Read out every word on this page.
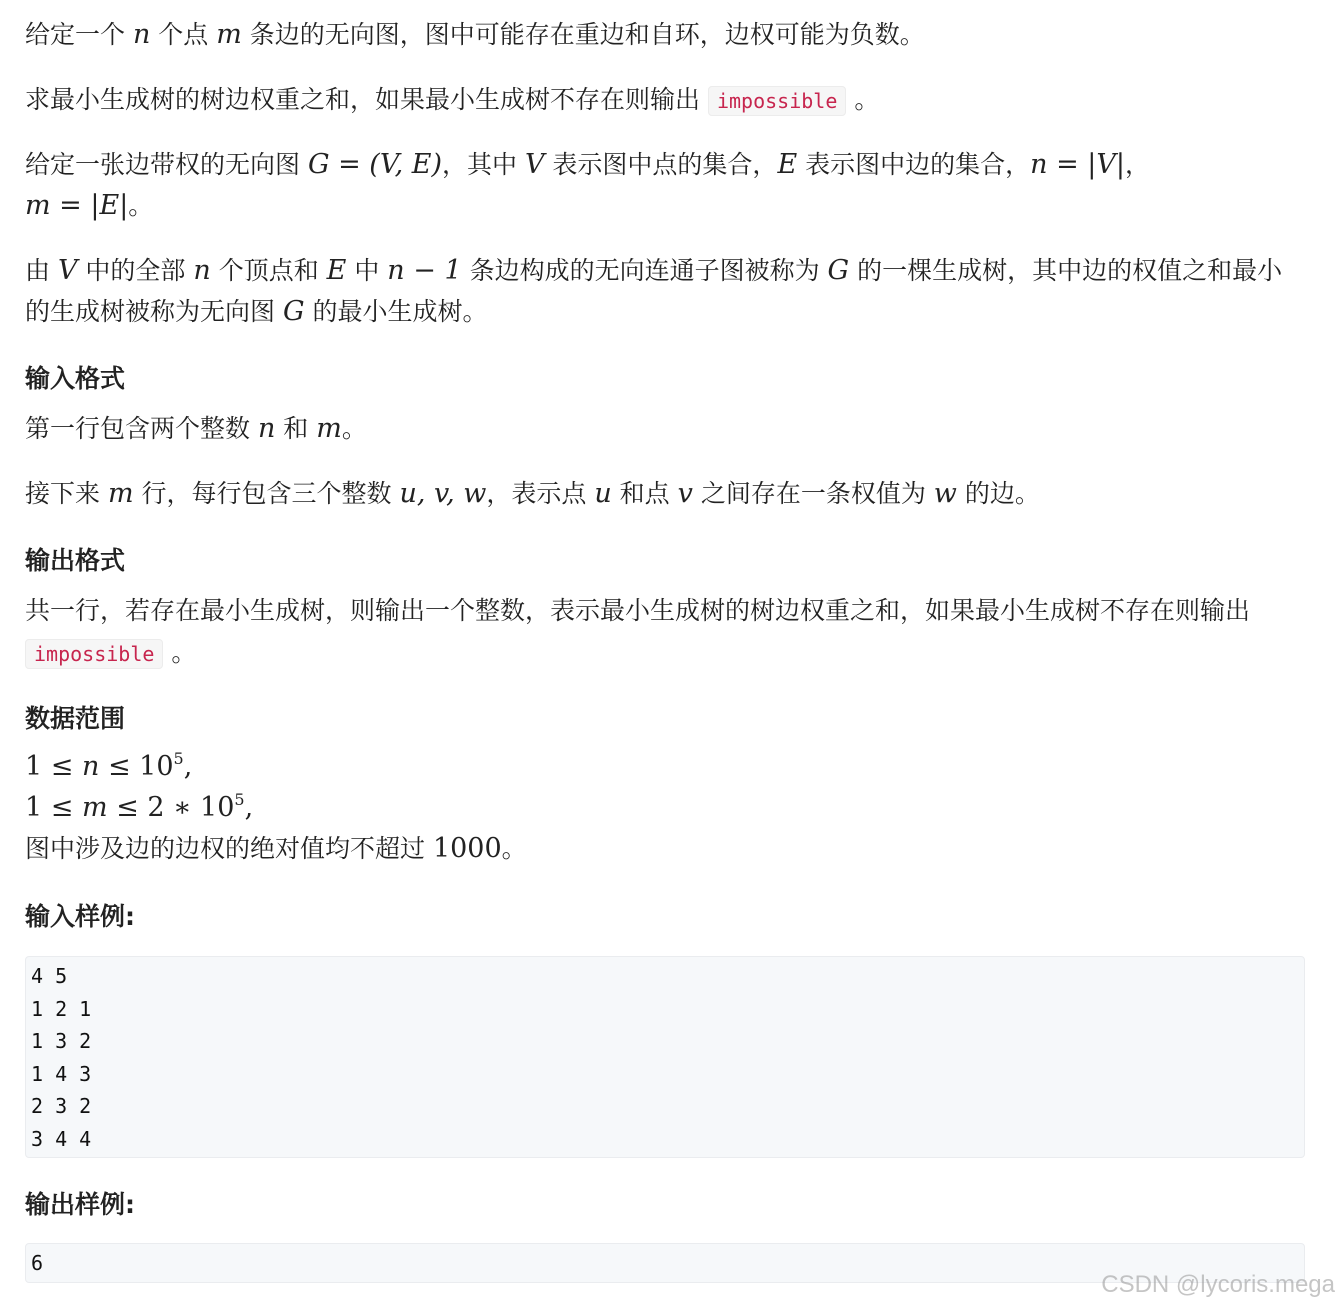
给定一个 n 个点 m 条边的无向图，图中可能存在重边和自环，边权可能为负数。

求最小生成树的树边权重之和，如果最小生成树不存在则输出 impossible 。

给定一张边带权的无向图 G = (V, E)，其中 V 表示图中点的集合，E 表示图中边的集合，n = |V|，

m = |E|。

由 V 中的全部 n 个顶点和 E 中 n − 1 条边构成的无向连通子图被称为 G 的一棵生成树，其中边的权值之和最小

的生成树被称为无向图 G 的最小生成树。

输入格式

第一行包含两个整数 n 和 m。

接下来 m 行，每行包含三个整数 u, v, w，表示点 u 和点 v 之间存在一条权值为 w 的边。

输出格式

共一行，若存在最小生成树，则输出一个整数，表示最小生成树的树边权重之和，如果最小生成树不存在则输出

impossible 。

数据范围

$1 \le n \le 10^5$,

1 ≤ m ≤ 2 ∗ $10^5$,

图中涉及边的边权的绝对值均不超过 1000。

输入样例:
4 5
1 2 1
1 3 2
1 4 3
2 3 2
3 4 4
输出样例:
6
CSDN @lycoris.mega
